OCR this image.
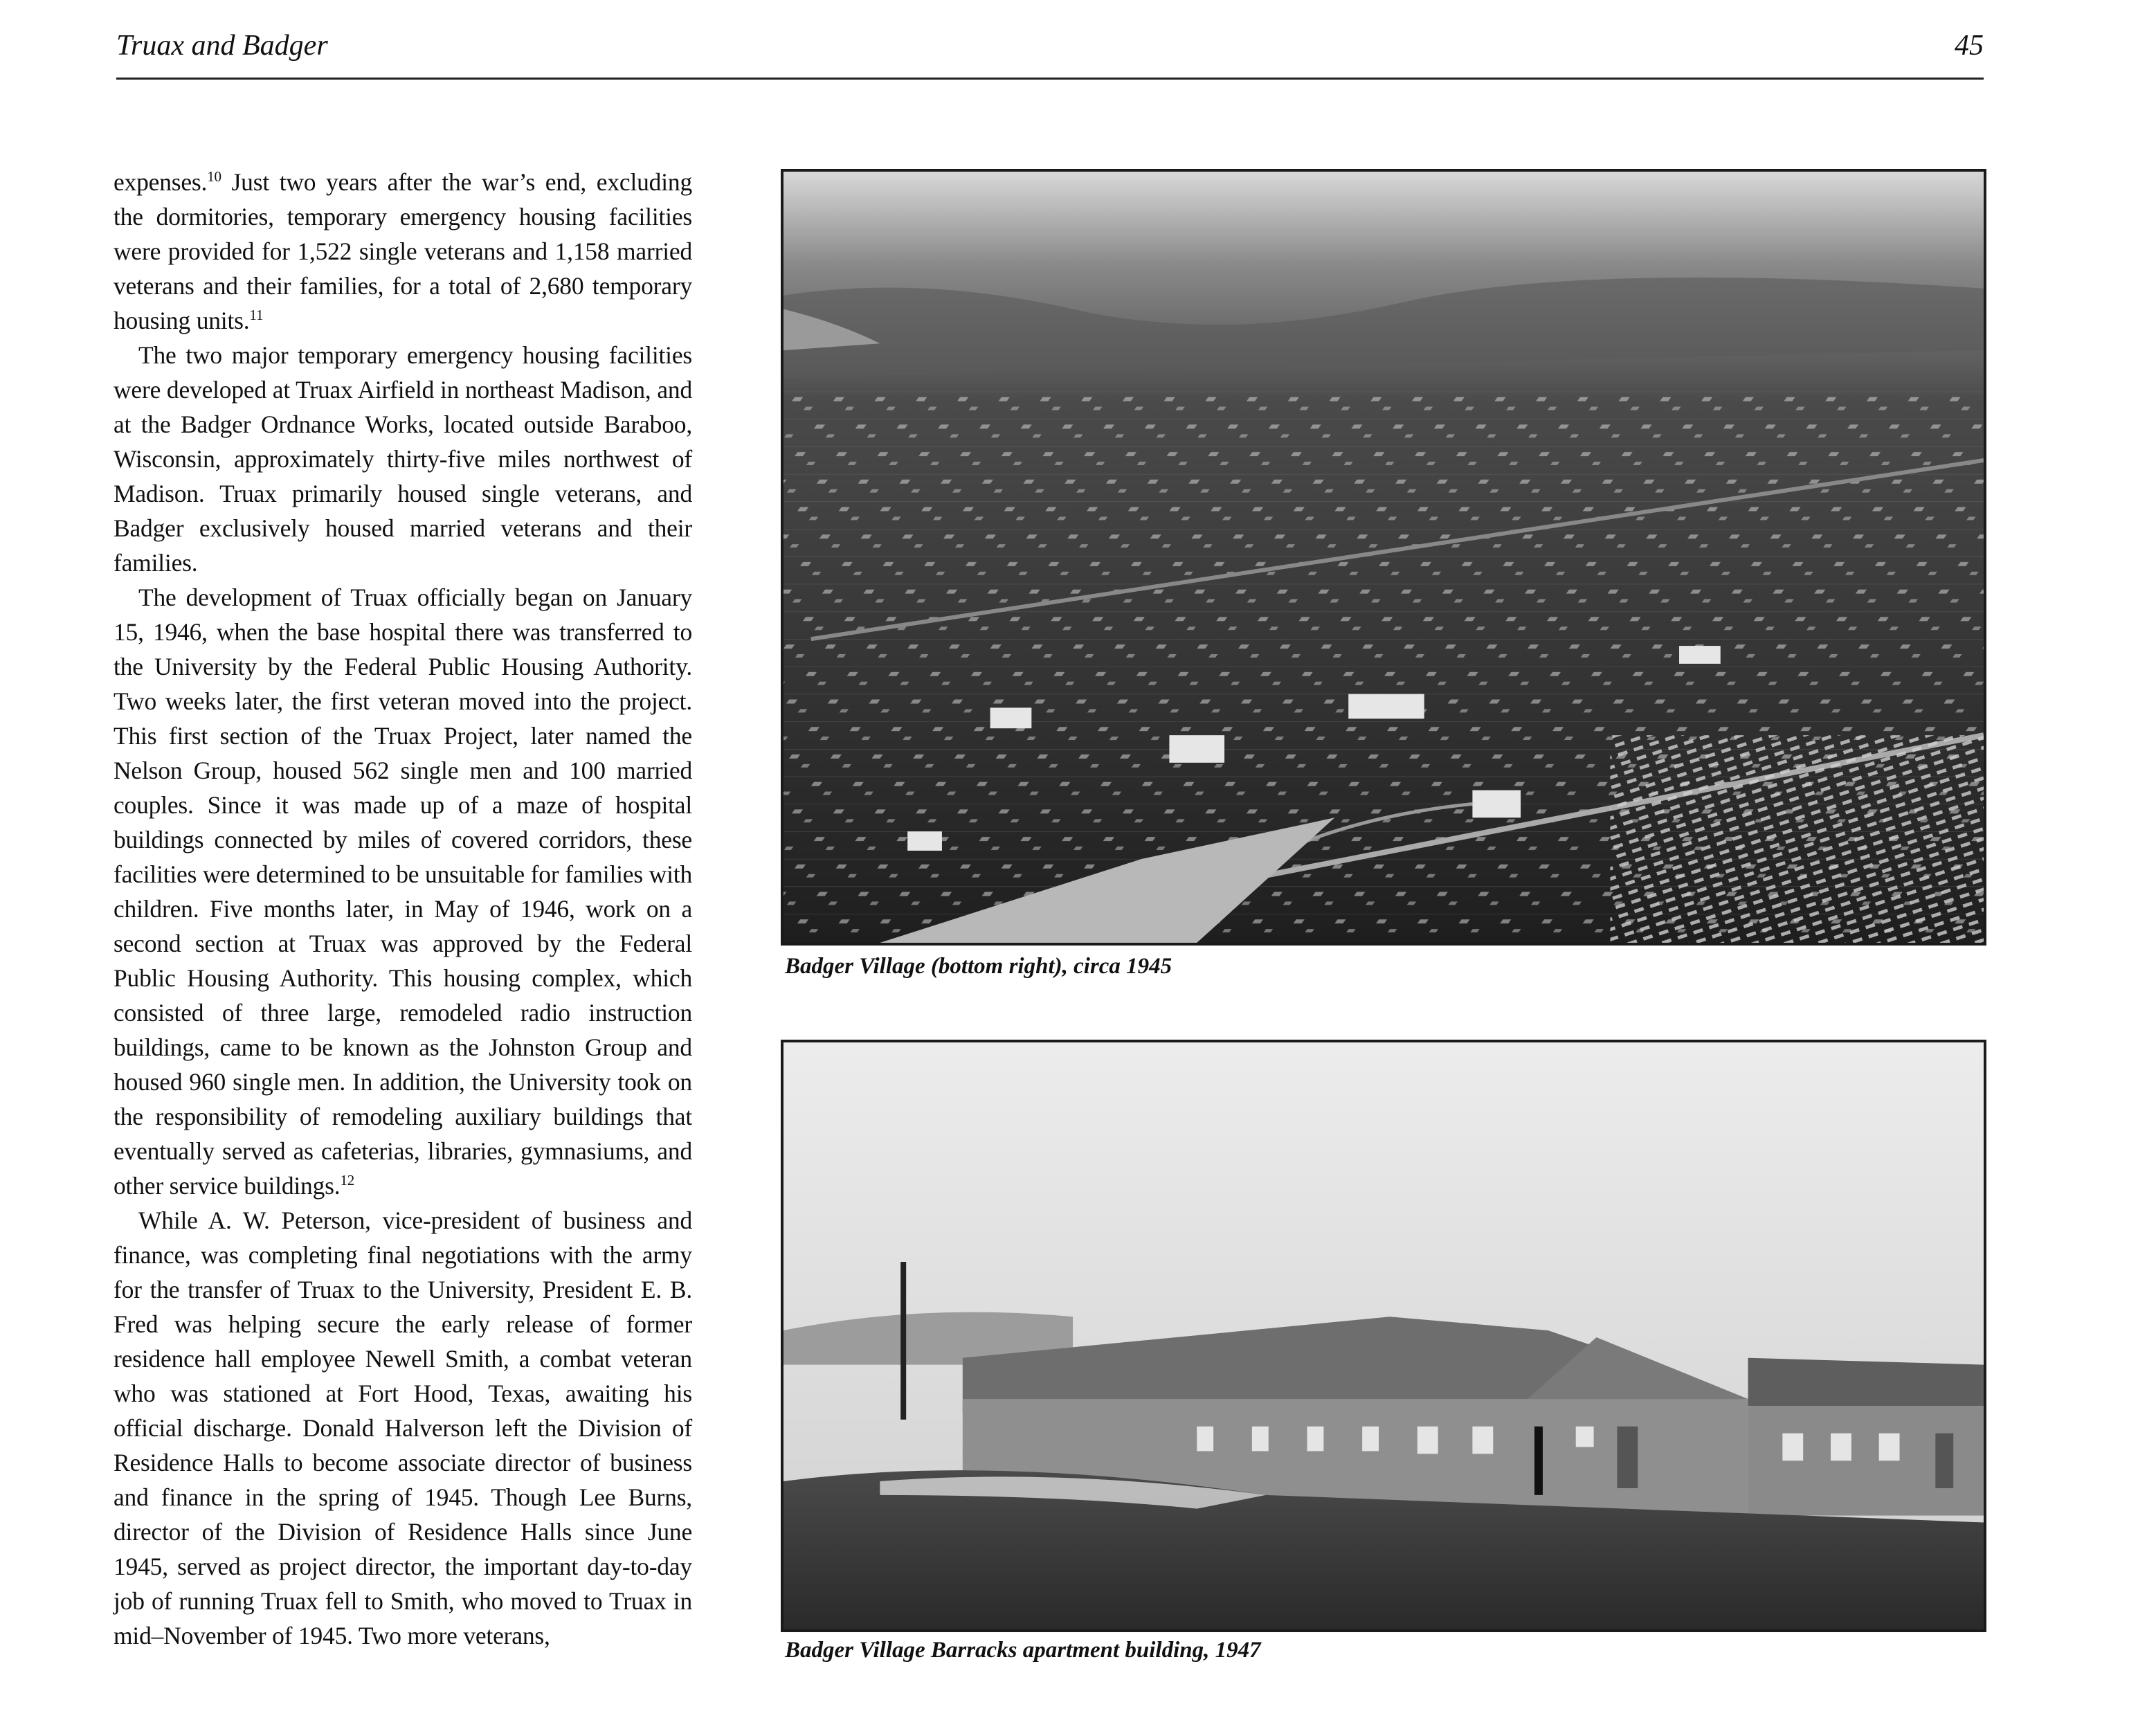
Truax and Badger	45

expenses.$^{10}$ Just two years after the war’s end, excluding the dormitories, temporary emergency housing facilities were provided for 1,522 single veterans and 1,158 married veterans and their families, for a total of 2,680 temporary housing units.$^{11}$

The two major temporary emergency housing facilities were developed at Truax Airfield in northeast Madison, and at the Badger Ordnance Works, located outside Baraboo, Wisconsin, approximately thirty-five miles northwest of Madison. Truax primarily housed single veterans, and Badger exclusively housed married veterans and their families.

The development of Truax officially began on January 15, 1946, when the base hospital there was transferred to the University by the Federal Public Housing Authority. Two weeks later, the first veteran moved into the project. This first section of the Truax Project, later named the Nelson Group, housed 562 single men and 100 married couples. Since it was made up of a maze of hospital buildings connected by miles of covered corridors, these facilities were determined to be unsuitable for families with children. Five months later, in May of 1946, work on a second section at Truax was approved by the Federal Public Housing Authority. This housing complex, which consisted of three large, remodeled radio instruction buildings, came to be known as the Johnston Group and housed 960 single men. In addition, the University took on the responsibility of remodeling auxiliary buildings that eventually served as cafeterias, libraries, gymnasiums, and other service buildings.$^{12}$

While A. W. Peterson, vice-president of business and finance, was completing final negotiations with the army for the transfer of Truax to the University, President E. B. Fred was helping secure the early release of former residence hall employee Newell Smith, a combat veteran who was stationed at Fort Hood, Texas, awaiting his official discharge. Donald Halverson left the Division of Residence Halls to become associate director of business and finance in the spring of 1945. Though Lee Burns, director of the Division of Residence Halls since June 1945, served as project director, the important day-to-day job of running Truax fell to Smith, who moved to Truax in mid–November of 1945. Two more veterans,

Badger Village (bottom right), circa 1945
Badger Village Barracks apartment building, 1947
